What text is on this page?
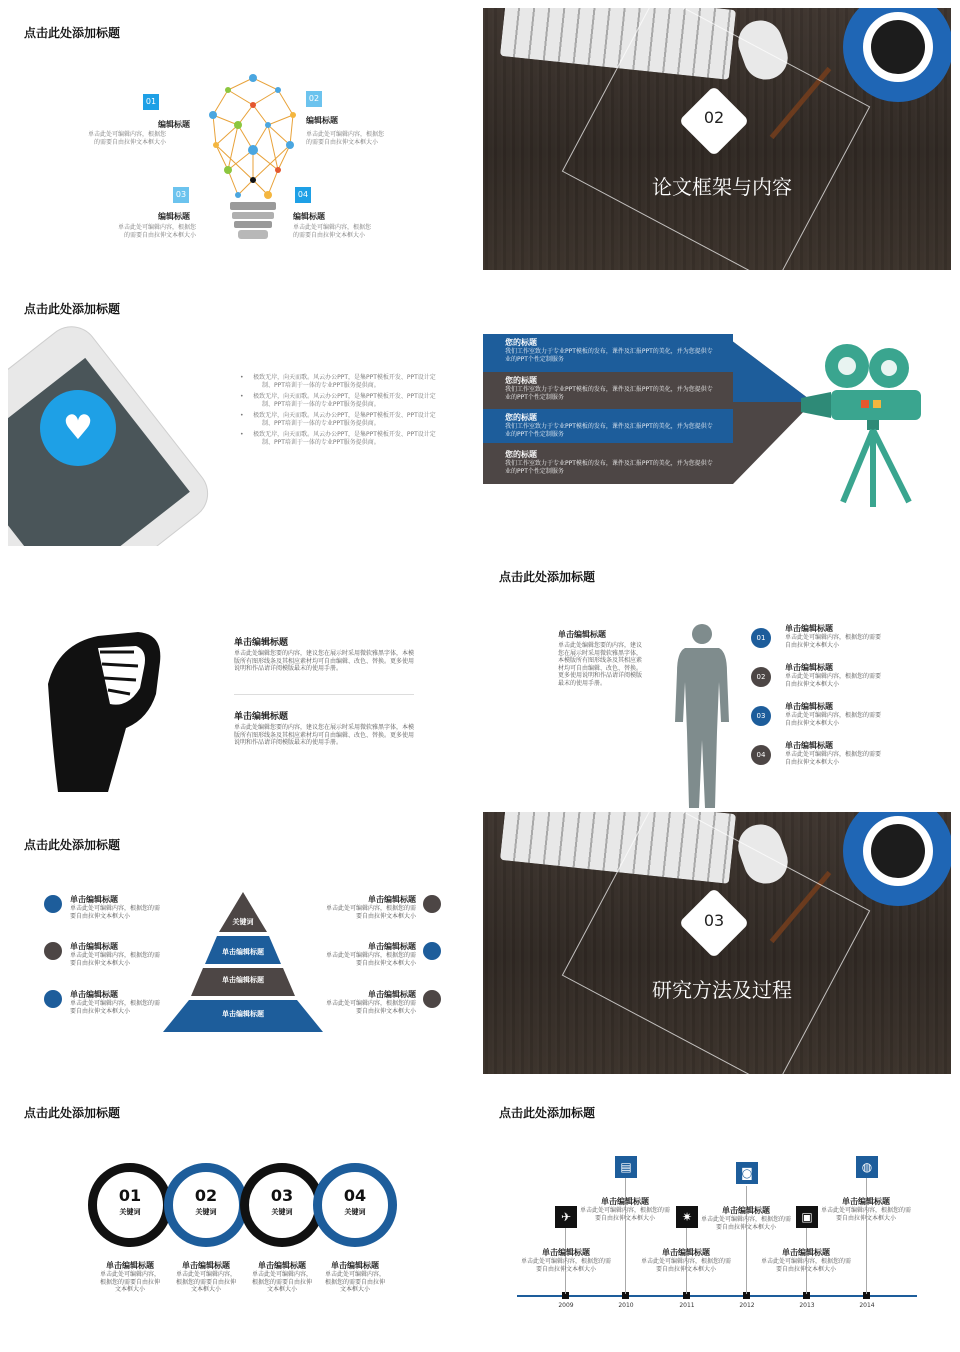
点击此处添加标题
01
编辑标题
单击此处可编辑内容，根据您的需要自由拉伸文本框大小
02
编辑标题
单击此处可编辑内容，根据您的需要自由拉伸文本框大小
03
编辑标题
单击此处可编辑内容，根据您的需要自由拉伸文本框大小
04
编辑标题
单击此处可编辑内容，根据您的需要自由拉伸文本框大小
02
论文框架与内容
点击此处添加标题
♥
•     极致无岸，向天而歌。风云办公PPT，是集PPT模板开发、PPT设计定制、PPT培训于一体的专业PPT服务提供商。
•     极致无岸，向天而歌。风云办公PPT，是集PPT模板开发、PPT设计定制、PPT培训于一体的专业PPT服务提供商。
•     极致无岸，向天而歌。风云办公PPT，是集PPT模板开发、PPT设计定制、PPT培训于一体的专业PPT服务提供商。
•     极致无岸，向天而歌。风云办公PPT，是集PPT模板开发、PPT设计定制、PPT培训于一体的专业PPT服务提供商。
您的标题
我们工作室致力于专业PPT模板的发布，课件及汇报PPT的美化，并为您提供专业的PPT个性定制服务
您的标题
我们工作室致力于专业PPT模板的发布，课件及汇报PPT的美化，并为您提供专业的PPT个性定制服务
您的标题
我们工作室致力于专业PPT模板的发布，课件及汇报PPT的美化，并为您提供专业的PPT个性定制服务
您的标题
我们工作室致力于专业PPT模板的发布，课件及汇报PPT的美化，并为您提供专业的PPT个性定制服务
单击编辑标题
单击此处编辑您要的内容，建议您在展示时采用微软雅黑字体，本模版所有图形线条及其相应素材均可自由编辑、改色、替换。更多使用说明和作品请详阅模版最末的使用手册。
单击编辑标题
单击此处编辑您要的内容，建议您在展示时采用微软雅黑字体，本模版所有图形线条及其相应素材均可自由编辑、改色、替换。更多使用说明和作品请详阅模版最末的使用手册。
点击此处添加标题
单击编辑标题
单击此处编辑您要的内容，建议您在展示时采用微软雅黑字体，本模版所有图形线条及其相应素材均可自由编辑、改色、替换。更多使用说明和作品请详阅模版最末的使用手册。
01
单击编辑标题
单击此处可编辑内容，根据您的需要自由拉伸文本框大小
02
单击编辑标题
单击此处可编辑内容，根据您的需要自由拉伸文本框大小
03
单击编辑标题
单击此处可编辑内容，根据您的需要自由拉伸文本框大小
04
单击编辑标题
单击此处可编辑内容，根据您的需要自由拉伸文本框大小
点击此处添加标题
关键词
单击编辑标题
单击编辑标题
单击编辑标题
单击编辑标题
单击此处可编辑内容，根据您的需要自由拉伸文本框大小
单击编辑标题
单击此处可编辑内容，根据您的需要自由拉伸文本框大小
单击编辑标题
单击此处可编辑内容，根据您的需要自由拉伸文本框大小
单击编辑标题
单击此处可编辑内容，根据您的需要自由拉伸文本框大小
单击编辑标题
单击此处可编辑内容，根据您的需要自由拉伸文本框大小
单击编辑标题
单击此处可编辑内容，根据您的需要自由拉伸文本框大小
03
研究方法及过程
点击此处添加标题
01
关键词
02
关键词
03
关键词
04
关键词
单击编辑标题
单击此处可编辑内容，根据您的需要自由拉伸文本框大小
单击编辑标题
单击此处可编辑内容，根据您的需要自由拉伸文本框大小
单击编辑标题
单击此处可编辑内容，根据您的需要自由拉伸文本框大小
单击编辑标题
单击此处可编辑内容，根据您的需要自由拉伸文本框大小
点击此处添加标题
2009	2010	2011	2012	2013	2014
✈
▤
✷
◙
▣
◍
单击编辑标题
单击此处可编辑内容，根据您的需要自由拉伸文本框大小
单击编辑标题
单击此处可编辑内容，根据您的需要自由拉伸文本框大小
单击编辑标题
单击此处可编辑内容，根据您的需要自由拉伸文本框大小
单击编辑标题
单击此处可编辑内容，根据您的需要自由拉伸文本框大小
单击编辑标题
单击此处可编辑内容，根据您的需要自由拉伸文本框大小
单击编辑标题
单击此处可编辑内容，根据您的需要自由拉伸文本框大小
